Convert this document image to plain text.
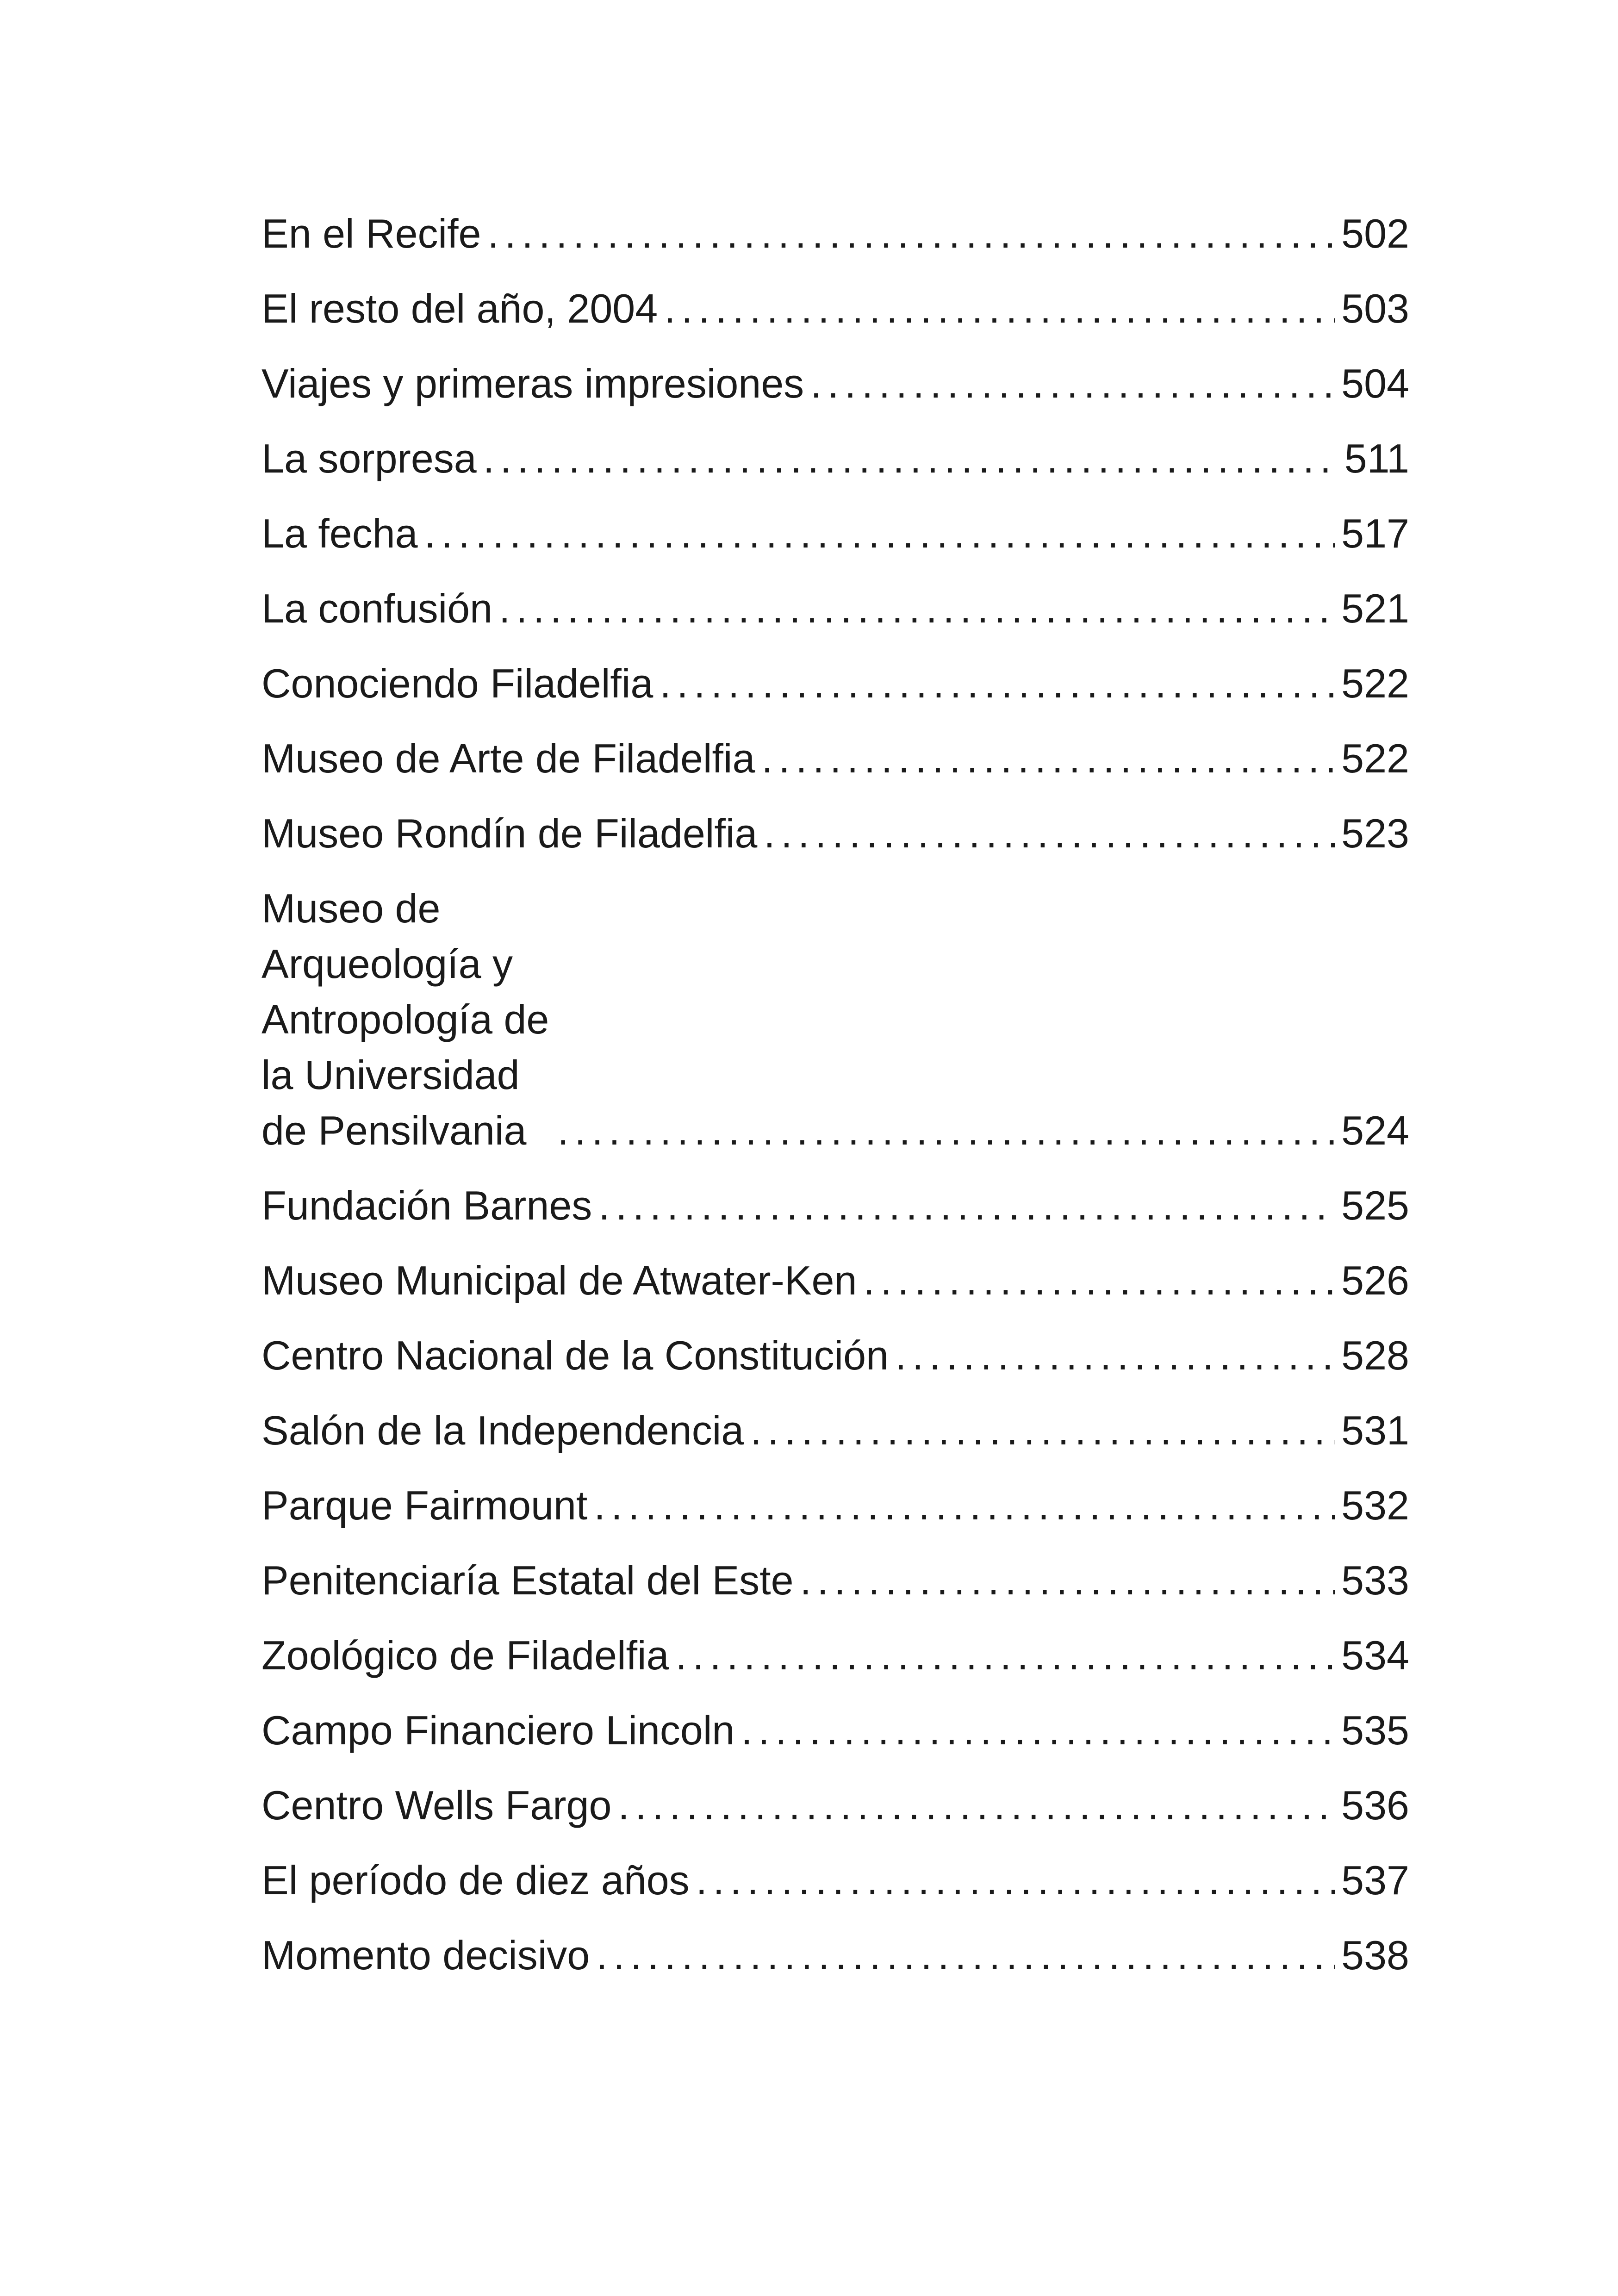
En el Recife . . .	502
El resto del año, 2004 . . .	503
Viajes y primeras impresiones . . .	504
La sorpresa . . .	511
La fecha . . .	517
La confusión . . .	521
Conociendo Filadelfia . . .	522
Museo de Arte de Filadelfia . . .	522
Museo Rondín de Filadelfia . . .	523
Museo de Arqueología y Antropología de la Universidad de Pensilvania . . .	524
Fundación Barnes . . .	525
Museo Municipal de Atwater-Ken . . .	526
Centro Nacional de la Constitución . . .	528
Salón de la Independencia . . .	531
Parque Fairmount . . .	532
Penitenciaría Estatal del Este . . .	533
Zoológico de Filadelfia . . .	534
Campo Financiero Lincoln . . .	535
Centro Wells Fargo . . .	536
El período de diez años . . .	537
Momento decisivo . . .	538
